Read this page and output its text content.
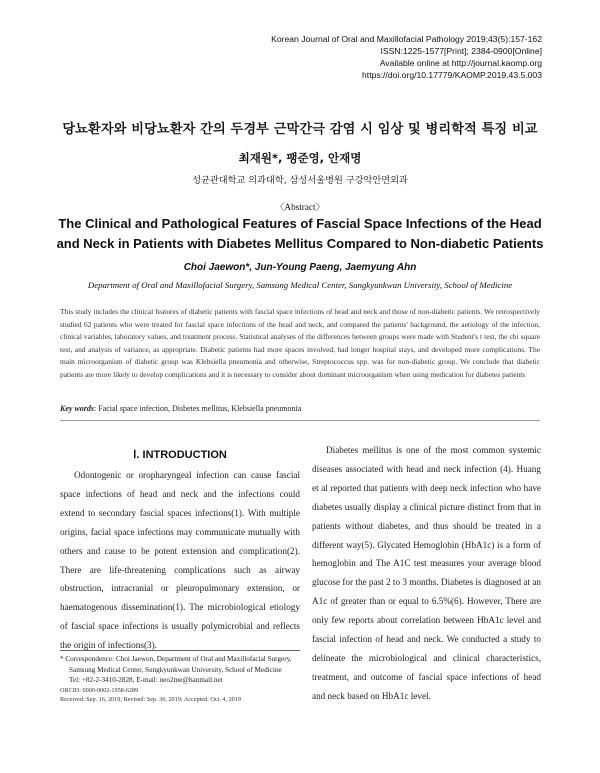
Korean Journal of Oral and Maxillofacial Pathology 2019;43(5):157-162
ISSN:1225-1577[Print]; 2384-0900[Online]
Available online at http://journal.kaomp.org
https://doi.org/10.17779/KAOMP.2019.43.5.003
당뇨환자와 비당뇨환자 간의 두경부 근막간극 감염 시 임상 및 병리학적 특징 비교
최재원*, 팽준영, 안재명
성균관대학교 의과대학, 삼성서울병원 구강악안면외과
〈Abstract〉
The Clinical and Pathological Features of Fascial Space Infections of the Head and Neck in Patients with Diabetes Mellitus Compared to Non-diabetic Patients
Choi Jaewon*, Jun-Young Paeng, Jaemyung Ahn
Department of Oral and Maxillofacial Surgery, Samsung Medical Center, Sungkyunkwan University, School of Medicine
This study includes the clinical features of diabetic patients with fascial space infections of head and neck and those of non-diabetic patients. We retrospectively studied 62 patients who were treated for fascial space infections of the head and neck, and compared the patients' background, the aetiology of the infection, clinical variables, laboratory values, and treatment process. Statistical analyses of the differences between groups were made with Student's t test, the chi square test, and analysis of variance, as appropriate. Diabetic patients had more spaces involved, had longer hospital stays, and developed more complications. The main microorganism of diabetic group was Klebsiella pneumonia and otherwise, Streptococcus spp. was for non-diabetic group. We conclude that diabetic patients are more likely to develop complications and it is necessary to consider about dominant microorganism when using medication for diabetes patients
Key words: Facial space infection, Disbetes mellitus, Klebsiella pneumonia
Ⅰ. INTRODUCTION

Odontogenic or oropharyngeal infection can cause fascial space infections of head and neck and the infections could extend to secondary fascial spaces infections(1). With multiple origins, facial space infections may communicate mutually with others and cause to be potent extension and complication(2). There are life-threatening complications such as airway obstruction, intracranial or pleuropulmonary extension, or haematogenous dissemination(1). The microbiological etiology of fascial space infections is usually polymicrobial and reflects the origin of infections(3).

Diabetes mellitus is one of the most common systemic diseases associated with head and neck infection (4). Huang et al reported that patients with deep neck infection who have diabetes usually display a clinical picture distinct from that in patients without diabetes, and thus should be treated in a different way(5). Glycated Hemoglobin (HbA1c) is a form of hemoglobin and The A1C test measures your average blood glucose for the past 2 to 3 months. Diabetes is diagnosed at an A1c of greater than or equal to 6.5%(6). However, There are only few reports about correlation between HbA1c level and fascial infection of head and neck. We conducted a study to delineate the microbiological and clinical characteristics, treatment, and outcome of fascial space infections of head and neck based on HbA1c level.

* Correspondence: Choi Jaewon, Department of Oral and Maxillofacial Surgery, Samsung Medical Center, Sungkyunkwan University, School of Medicine
Tel: +82-2-3410-2828, E-mail: neo2me@hanmail.net
ORCID: 0000-0002-1958-6289
Received: Sep. 16, 2019; Revised: Sep. 30, 2019; Accepted: Oct. 4, 2019
